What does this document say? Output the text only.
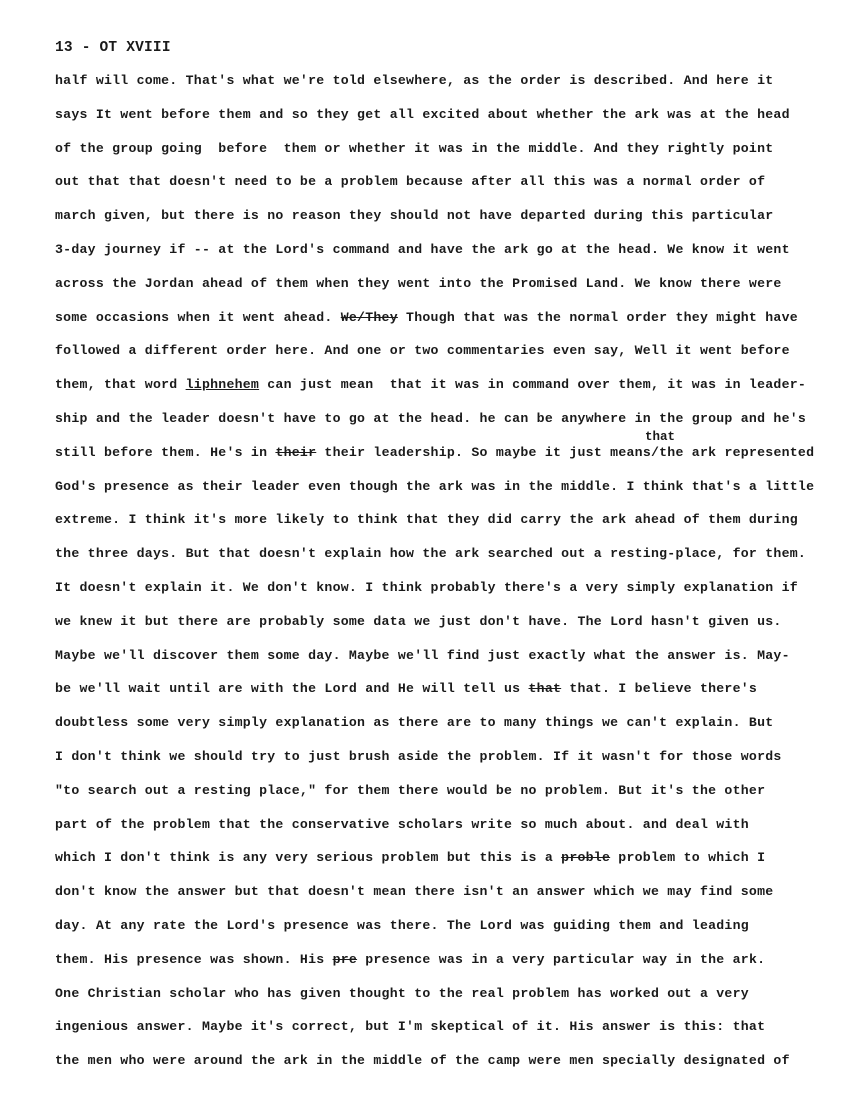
13 - OT XVIII
that
half will come. That's what we're told elsewhere, as the order is described. And here it
says It went before them and so they get all excited about whether the ark was at the head
of the group going  before  them or whether it was in the middle. And they rightly point
out that that doesn't need to be a problem because after all this was a normal order of
march given, but there is no reason they should not have departed during this particular
3-day journey if -- at the Lord's command and have the ark go at the head. We know it went
across the Jordan ahead of them when they went into the Promised Land. We know there were
some occasions when it went ahead. We/They Though that was the normal order they might have
followed a different order here. And one or two commentaries even say, Well it went before
them, that word liphnehem can just mean  that it was in command over them, it was in leader-
ship and the leader doesn't have to go at the head. he can be anywhere in the group and he's
still before them. He's in their their leadership. So maybe it just means/the ark represented
God's presence as their leader even though the ark was in the middle. I think that's a little
extreme. I think it's more likely to think that they did carry the ark ahead of them during
the three days. But that doesn't explain how the ark searched out a resting-place, for them.
It doesn't explain it. We don't know. I think probably there's a very simply explanation if
we knew it but there are probably some data we just don't have. The Lord hasn't given us.
Maybe we'll discover them some day. Maybe we'll find just exactly what the answer is. May-
be we'll wait until are with the Lord and He will tell us that that. I believe there's
doubtless some very simply explanation as there are to many things we can't explain. But
I don't think we should try to just brush aside the problem. If it wasn't for those words
"to search out a resting place," for them there would be no problem. But it's the other
part of the problem that the conservative scholars write so much about. and deal with
which I don't think is any very serious problem but this is a proble problem to which I
don't know the answer but that doesn't mean there isn't an answer which we may find some
day. At any rate the Lord's presence was there. The Lord was guiding them and leading
them. His presence was shown. His pre presence was in a very particular way in the ark.
One Christian scholar who has given thought to the real problem has worked out a very
ingenious answer. Maybe it's correct, but I'm skeptical of it. His answer is this: that
the men who were around the ark in the middle of the camp were men specially designated of
